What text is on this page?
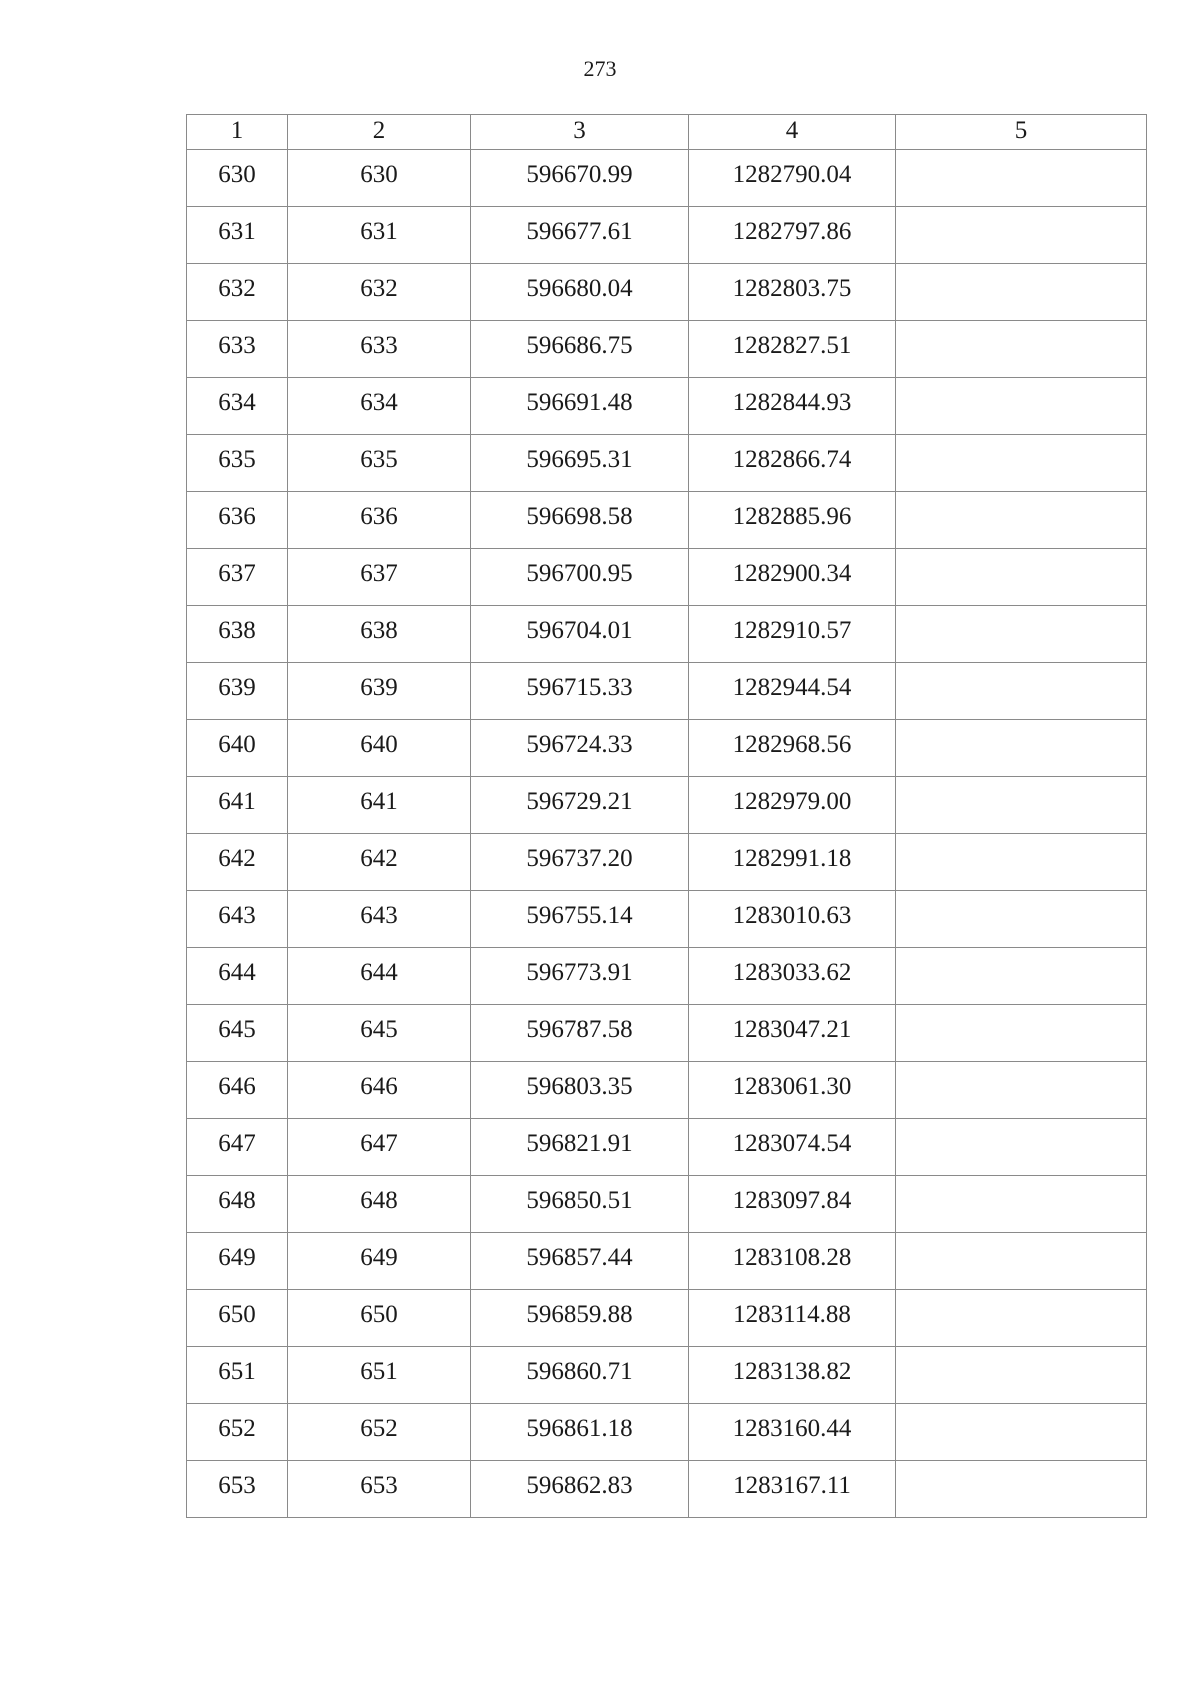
273
1	2	3	4	5
630	630	596670.99	1282790.04	
631	631	596677.61	1282797.86	
632	632	596680.04	1282803.75	
633	633	596686.75	1282827.51	
634	634	596691.48	1282844.93	
635	635	596695.31	1282866.74	
636	636	596698.58	1282885.96	
637	637	596700.95	1282900.34	
638	638	596704.01	1282910.57	
639	639	596715.33	1282944.54	
640	640	596724.33	1282968.56	
641	641	596729.21	1282979.00	
642	642	596737.20	1282991.18	
643	643	596755.14	1283010.63	
644	644	596773.91	1283033.62	
645	645	596787.58	1283047.21	
646	646	596803.35	1283061.30	
647	647	596821.91	1283074.54	
648	648	596850.51	1283097.84	
649	649	596857.44	1283108.28	
650	650	596859.88	1283114.88	
651	651	596860.71	1283138.82	
652	652	596861.18	1283160.44	
653	653	596862.83	1283167.11	
